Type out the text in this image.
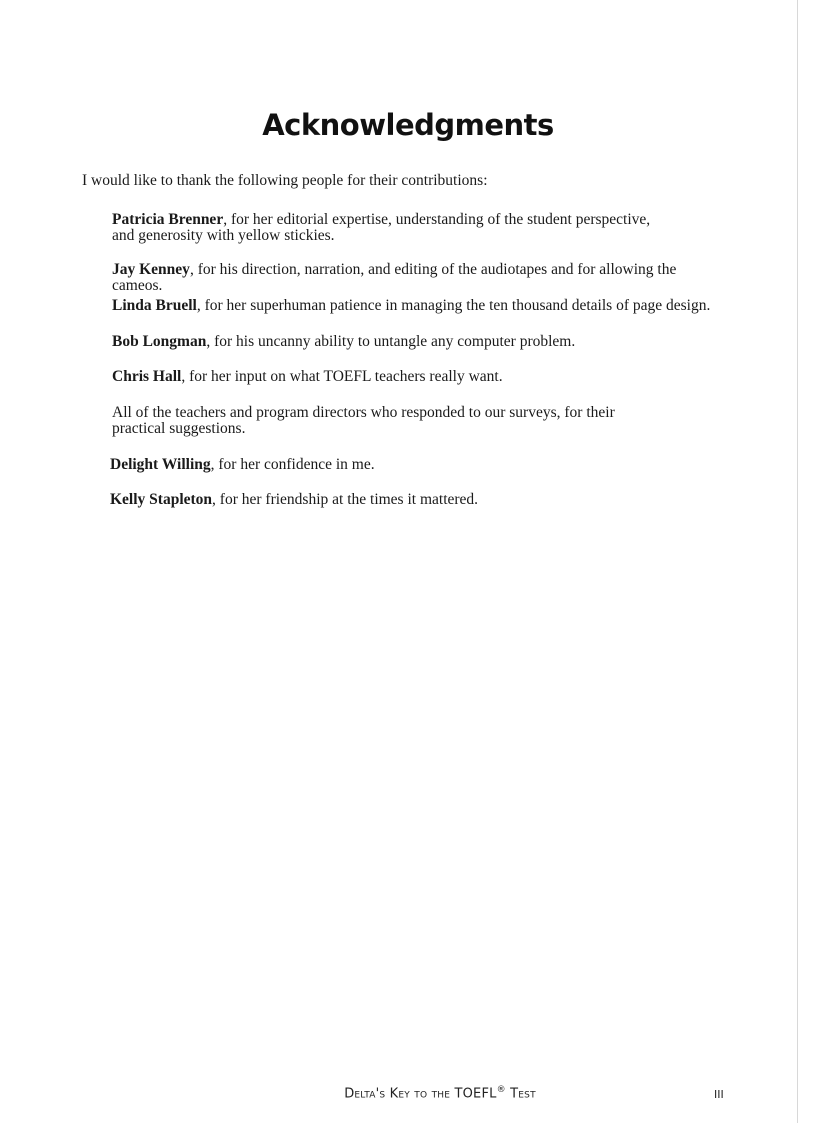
Acknowledgments

I would like to thank the following people for their contributions:

Patricia Brenner, for her editorial expertise, understanding of the student perspective, and generosity with yellow stickies.
Jay Kenney, for his direction, narration, and editing of the audiotapes and for allowing the cameos.
Linda Bruell, for her superhuman patience in managing the ten thousand details of page design.
Bob Longman, for his uncanny ability to untangle any computer problem.
Chris Hall, for her input on what TOEFL teachers really want.
All of the teachers and program directors who responded to our surveys, for their practical suggestions.
Delight Willing, for her confidence in me.
Kelly Stapleton, for her friendship at the times it mattered.
Delta's Key to the TOEFL® Test	III
